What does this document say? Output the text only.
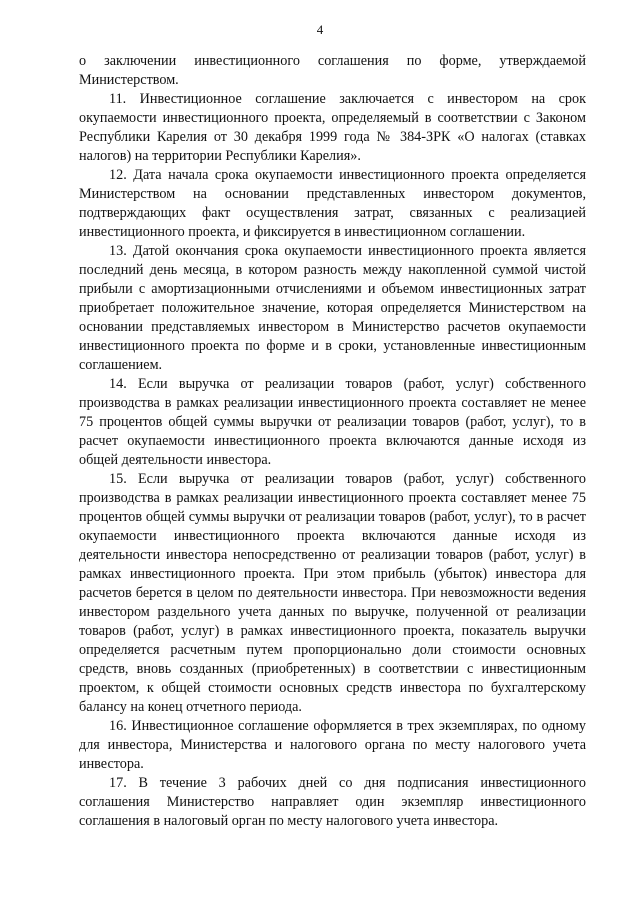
4

о заключении инвестиционного соглашения по форме, утверждаемой Министерством.

11. Инвестиционное соглашение заключается с инвестором на срок окупаемости инвестиционного проекта, определяемый в соответствии с Законом Республики Карелия от 30 декабря 1999 года № 384-ЗРК «О налогах (ставках налогов) на территории Республики Карелия».

12. Дата начала срока окупаемости инвестиционного проекта определяется Министерством на основании представленных инвестором документов, подтверждающих факт осуществления затрат, связанных с реализацией инвестиционного проекта, и фиксируется в инвестиционном соглашении.

13. Датой окончания срока окупаемости инвестиционного проекта является последний день месяца, в котором разность между накопленной суммой чистой прибыли с амортизационными отчислениями и объемом инвестиционных затрат приобретает положительное значение, которая определяется Министерством на основании представляемых инвестором в Министерство расчетов окупаемости инвестиционного проекта по форме и в сроки, установленные инвестиционным соглашением.

14. Если выручка от реализации товаров (работ, услуг) собственного производства в рамках реализации инвестиционного проекта составляет не менее 75 процентов общей суммы выручки от реализации товаров (работ, услуг), то в расчет окупаемости инвестиционного проекта включаются данные исходя из общей деятельности инвестора.

15. Если выручка от реализации товаров (работ, услуг) собственного производства в рамках реализации инвестиционного проекта составляет менее 75 процентов общей суммы выручки от реализации товаров (работ, услуг), то в расчет окупаемости инвестиционного проекта включаются данные исходя из деятельности инвестора непосредственно от реализации товаров (работ, услуг) в рамках инвестиционного проекта. При этом прибыль (убыток) инвестора для расчетов берется в целом по деятельности инвестора. При невозможности ведения инвестором раздельного учета данных по выручке, полученной от реализации товаров (работ, услуг) в рамках инвестиционного проекта, показатель выручки определяется расчетным путем пропорционально доли стоимости основных средств, вновь созданных (приобретенных) в соответствии с инвестиционным проектом, к общей стоимости основных средств инвестора по бухгалтерскому балансу на конец отчетного периода.

16. Инвестиционное соглашение оформляется в трех экземплярах, по одному для инвестора, Министерства и налогового органа по месту налогового учета инвестора.

17. В течение 3 рабочих дней со дня подписания инвестиционного соглашения Министерство направляет один экземпляр инвестиционного соглашения в налоговый орган по месту налогового учета инвестора.
